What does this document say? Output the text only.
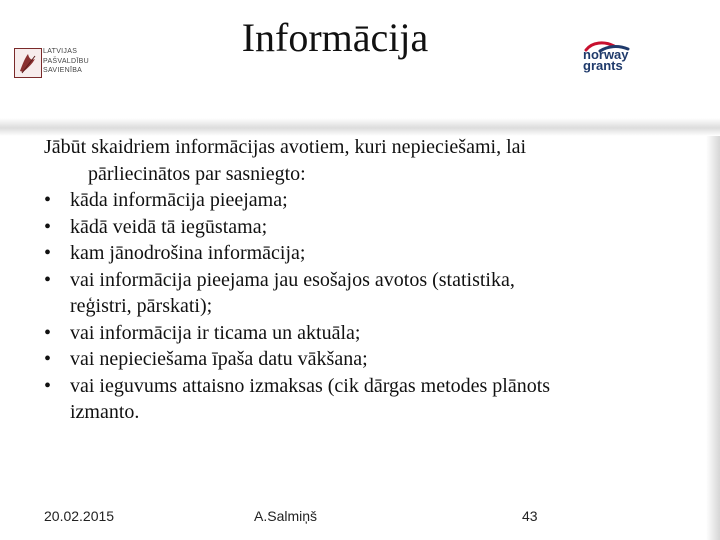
LATVIJAS
PAŠVALDĪBU
SAVIENĪBA
Informācija	norway
grants
Jābūt skaidriem informācijas avotiem, kuri nepieciešami, lai
pārliecinātos par sasniegto:
• kāda informācija pieejama;
• kādā veidā tā iegūstama;
• kam jānodrošina informācija;
• vai informācija pieejama jau esošajos avotos (statistika,
reģistri, pārskati);
• vai informācija ir ticama un aktuāla;
• vai nepieciešama īpaša datu vākšana;
• vai ieguvums attaisno izmaksas (cik dārgas metodes plānots
izmanto.
20.02.2015	A.Salmiņš	43
